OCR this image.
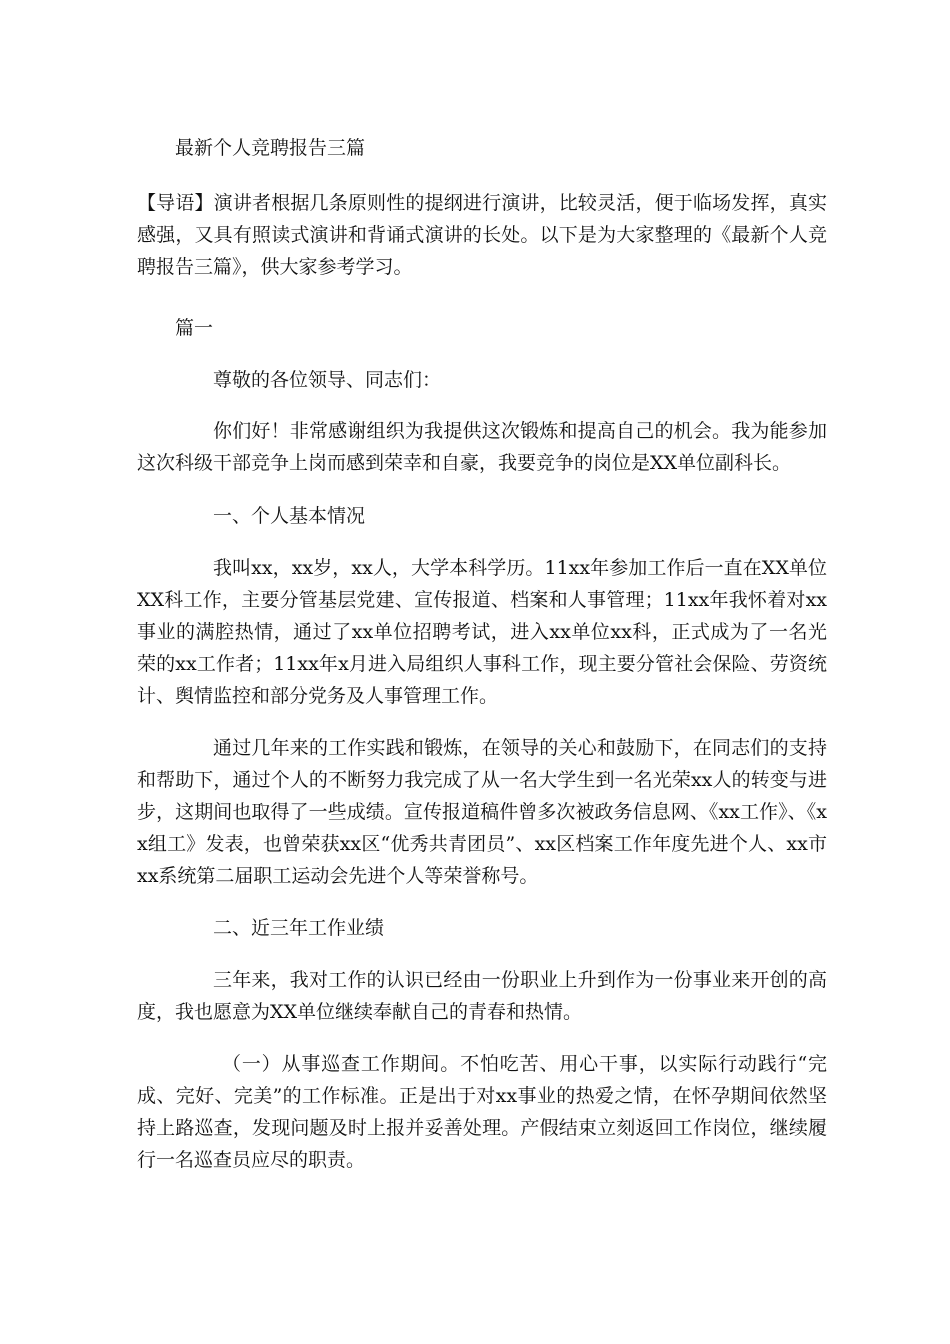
最新个人竞聘报告三篇
【导语】演讲者根据几条原则性的提纲进行演讲，比较灵活，便于临场发挥，真实感强，又具有照读式演讲和背诵式演讲的长处。以下是为大家整理的《最新个人竞聘报告三篇》，供大家参考学习。
篇一
尊敬的各位领导、同志们：
你们好！非常感谢组织为我提供这次锻炼和提高自己的机会。我为能参加这次科级干部竞争上岗而感到荣幸和自豪，我要竞争的岗位是XX单位副科长。
一、个人基本情况
我叫xx，xx岁，xx人，大学本科学历。11xx年参加工作后一直在XX单位XX科工作，主要分管基层党建、宣传报道、档案和人事管理；11xx年我怀着对xx事业的满腔热情，通过了xx单位招聘考试，进入xx单位xx科，正式成为了一名光荣的xx工作者；11xx年x月进入局组织人事科工作，现主要分管社会保险、劳资统计、舆情监控和部分党务及人事管理工作。
通过几年来的工作实践和锻炼，在领导的关心和鼓励下，在同志们的支持和帮助下，通过个人的不断努力我完成了从一名大学生到一名光荣xx人的转变与进步，这期间也取得了一些成绩。宣传报道稿件曾多次被政务信息网、《xx工作》、《xx组工》发表，也曾荣获xx区“优秀共青团员”、xx区档案工作年度先进个人、xx市xx系统第二届职工运动会先进个人等荣誉称号。
二、近三年工作业绩
三年来，我对工作的认识已经由一份职业上升到作为一份事业来开创的高度，我也愿意为XX单位继续奉献自己的青春和热情。
（一）从事巡查工作期间。不怕吃苦、用心干事，以实际行动践行“完成、完好、完美”的工作标准。正是出于对xx事业的热爱之情，在怀孕期间依然坚持上路巡查，发现问题及时上报并妥善处理。产假结束立刻返回工作岗位，继续履行一名巡查员应尽的职责。
